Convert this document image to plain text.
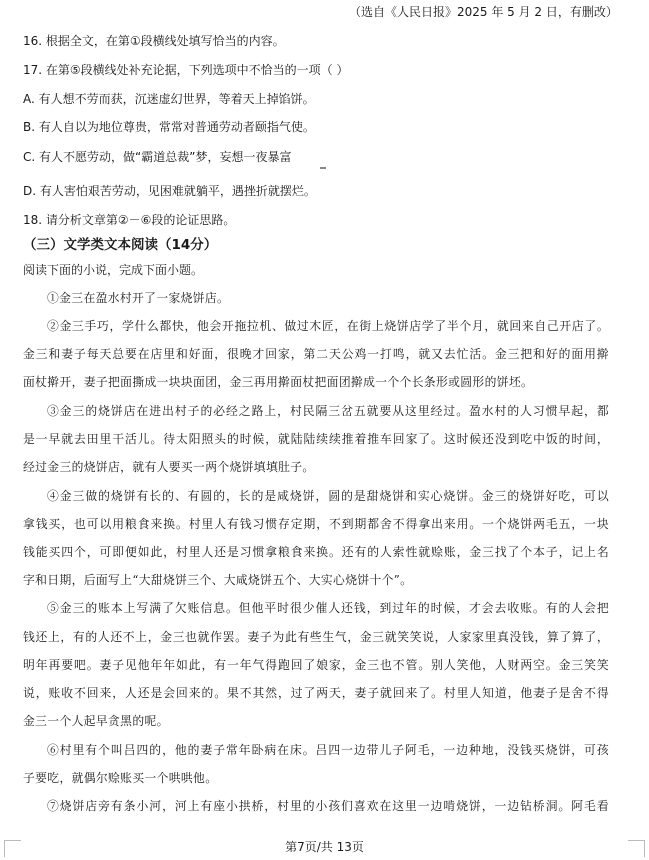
（选自《人民日报》2025 年 5 月 2 日，有删改）
16. 根据全文，在第①段横线处填写恰当的内容。
17. 在第⑤段横线处补充论据，下列选项中不恰当的一项（ ）
A. 有人想不劳而获，沉迷虚幻世界，等着天上掉馅饼。
B. 有人自以为地位尊贵，常常对普通劳动者颐指气使。
C. 有人不愿劳动，做“霸道总裁”梦，妄想一夜暴富
D. 有人害怕艰苦劳动，见困难就躺平，遇挫折就摆烂。
18. 请分析文章第②－⑥段的论证思路。
（三）文学类文本阅读（14分）
阅读下面的小说，完成下面小题。
①金三在盈水村开了一家烧饼店。
②金三手巧，学什么都快，他会开拖拉机、做过木匠，在街上烧饼店学了半个月，就回来自己开店了。
金三和妻子每天总要在店里和好面，很晚才回家，第二天公鸡一打鸣，就又去忙活。金三把和好的面用擀
面杖擀开，妻子把面撕成一块块面团，金三再用擀面杖把面团擀成一个个长条形或圆形的饼坯。
③金三的烧饼店在进出村子的必经之路上，村民隔三岔五就要从这里经过。盈水村的人习惯早起，都
是一早就去田里干活儿。待太阳照头的时候，就陆陆续续推着推车回家了。这时候还没到吃中饭的时间，
经过金三的烧饼店，就有人要买一两个烧饼填填肚子。
④金三做的烧饼有长的、有圆的，长的是咸烧饼，圆的是甜烧饼和实心烧饼。金三的烧饼好吃，可以
拿钱买，也可以用粮食来换。村里人有钱习惯存定期，不到期都舍不得拿出来用。一个烧饼两毛五，一块
钱能买四个，可即便如此，村里人还是习惯拿粮食来换。还有的人索性就赊账，金三找了个本子，记上名
字和日期，后面写上“大甜烧饼三个、大咸烧饼五个、大实心烧饼十个”。
⑤金三的账本上写满了欠账信息。但他平时很少催人还钱，到过年的时候，才会去收账。有的人会把
钱还上，有的人还不上，金三也就作罢。妻子为此有些生气，金三就笑笑说，人家家里真没钱，算了算了，
明年再要吧。妻子见他年年如此，有一年气得跑回了娘家，金三也不管。别人笑他，人财两空。金三笑笑
说，账收不回来，人还是会回来的。果不其然，过了两天，妻子就回来了。村里人知道，他妻子是舍不得
金三一个人起早贪黑的呢。
⑥村里有个叫吕四的，他的妻子常年卧病在床。吕四一边带儿子阿毛，一边种地，没钱买烧饼，可孩
子要吃，就偶尔赊账买一个哄哄他。
⑦烧饼店旁有条小河，河上有座小拱桥，村里的小孩们喜欢在这里一边啃烧饼，一边钻桥洞。阿毛看
第7页/共 13页
